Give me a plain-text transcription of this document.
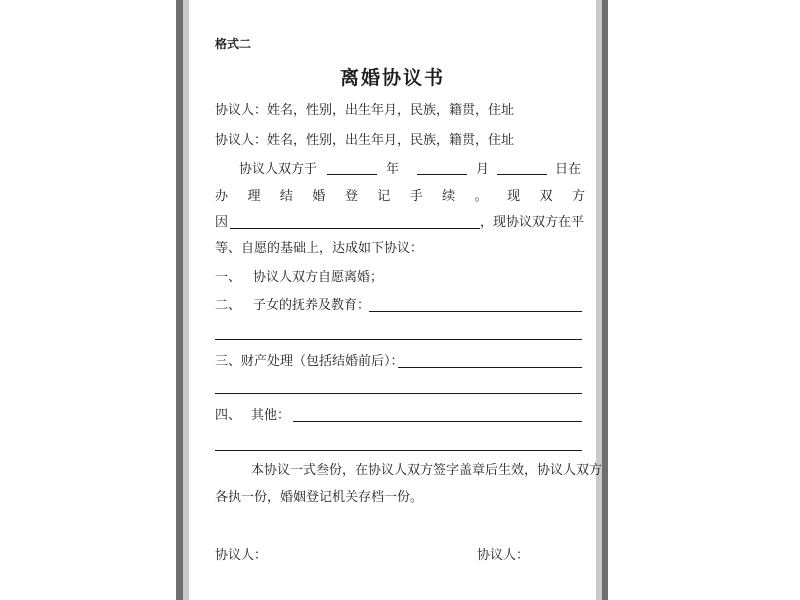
格式二
离婚协议书
协议人：姓名，性别，出生年月，民族，籍贯，住址
协议人：姓名，性别，出生年月，民族，籍贯，住址
协议人双方于	年	月	日在
办 理 结 婚 登 记 手 续 。 现 双 方
因	，现协议双方在平
等、自愿的基础上，达成如下协议：
一、 协议人双方自愿离婚；
二、 子女的抚养及教育：
三、财产处理（包括结婚前后）：
四、 其他：
本协议一式叁份，在协议人双方签字盖章后生效，协议人双方
各执一份，婚姻登记机关存档一份。
协议人：	协议人：
